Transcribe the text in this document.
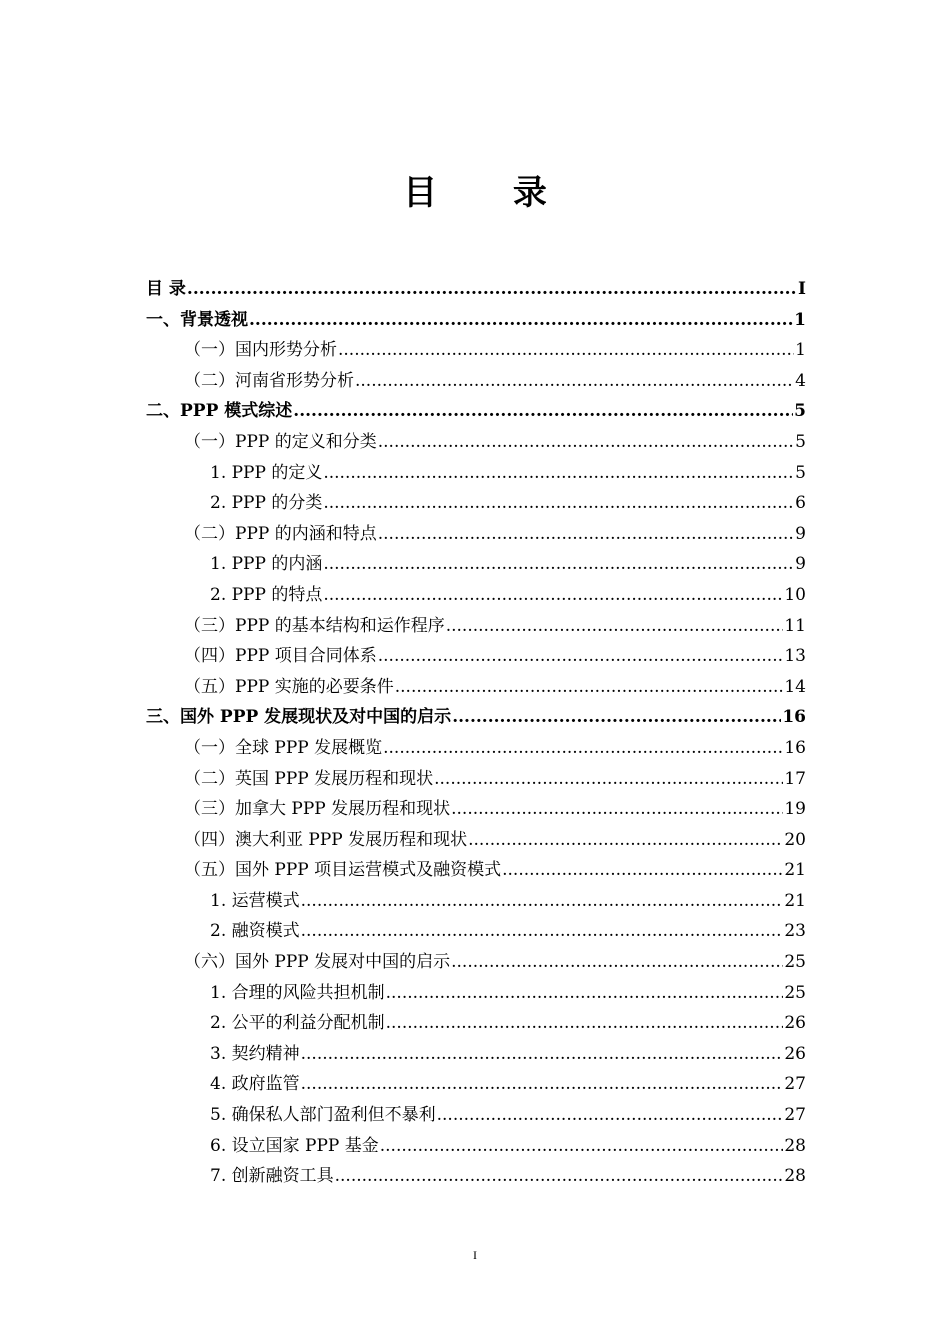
目 录
目 录 .....	I
一、背景透视 .....	1
（一）国内形势分析 .....	1
（二）河南省形势分析 .....	4
二、PPP 模式综述 .....	5
（一）PPP 的定义和分类 .....	5
1. PPP 的定义 .....	5
2. PPP 的分类 .....	6
（二）PPP 的内涵和特点 .....	9
1. PPP 的内涵 .....	9
2. PPP 的特点 .....	10
（三）PPP 的基本结构和运作程序 .....	11
（四）PPP 项目合同体系 .....	13
（五）PPP 实施的必要条件 .....	14
三、国外 PPP 发展现状及对中国的启示 .....	16
（一）全球 PPP 发展概览 .....	16
（二）英国 PPP 发展历程和现状 .....	17
（三）加拿大 PPP 发展历程和现状 .....	19
（四）澳大利亚 PPP 发展历程和现状 .....	20
（五）国外 PPP 项目运营模式及融资模式 .....	21
1. 运营模式 .....	21
2. 融资模式 .....	23
（六）国外 PPP 发展对中国的启示 .....	25
1. 合理的风险共担机制 .....	25
2. 公平的利益分配机制 .....	26
3. 契约精神 .....	26
4. 政府监管 .....	27
5. 确保私人部门盈利但不暴利 .....	27
6. 设立国家 PPP 基金 .....	28
7. 创新融资工具 .....	28
I
